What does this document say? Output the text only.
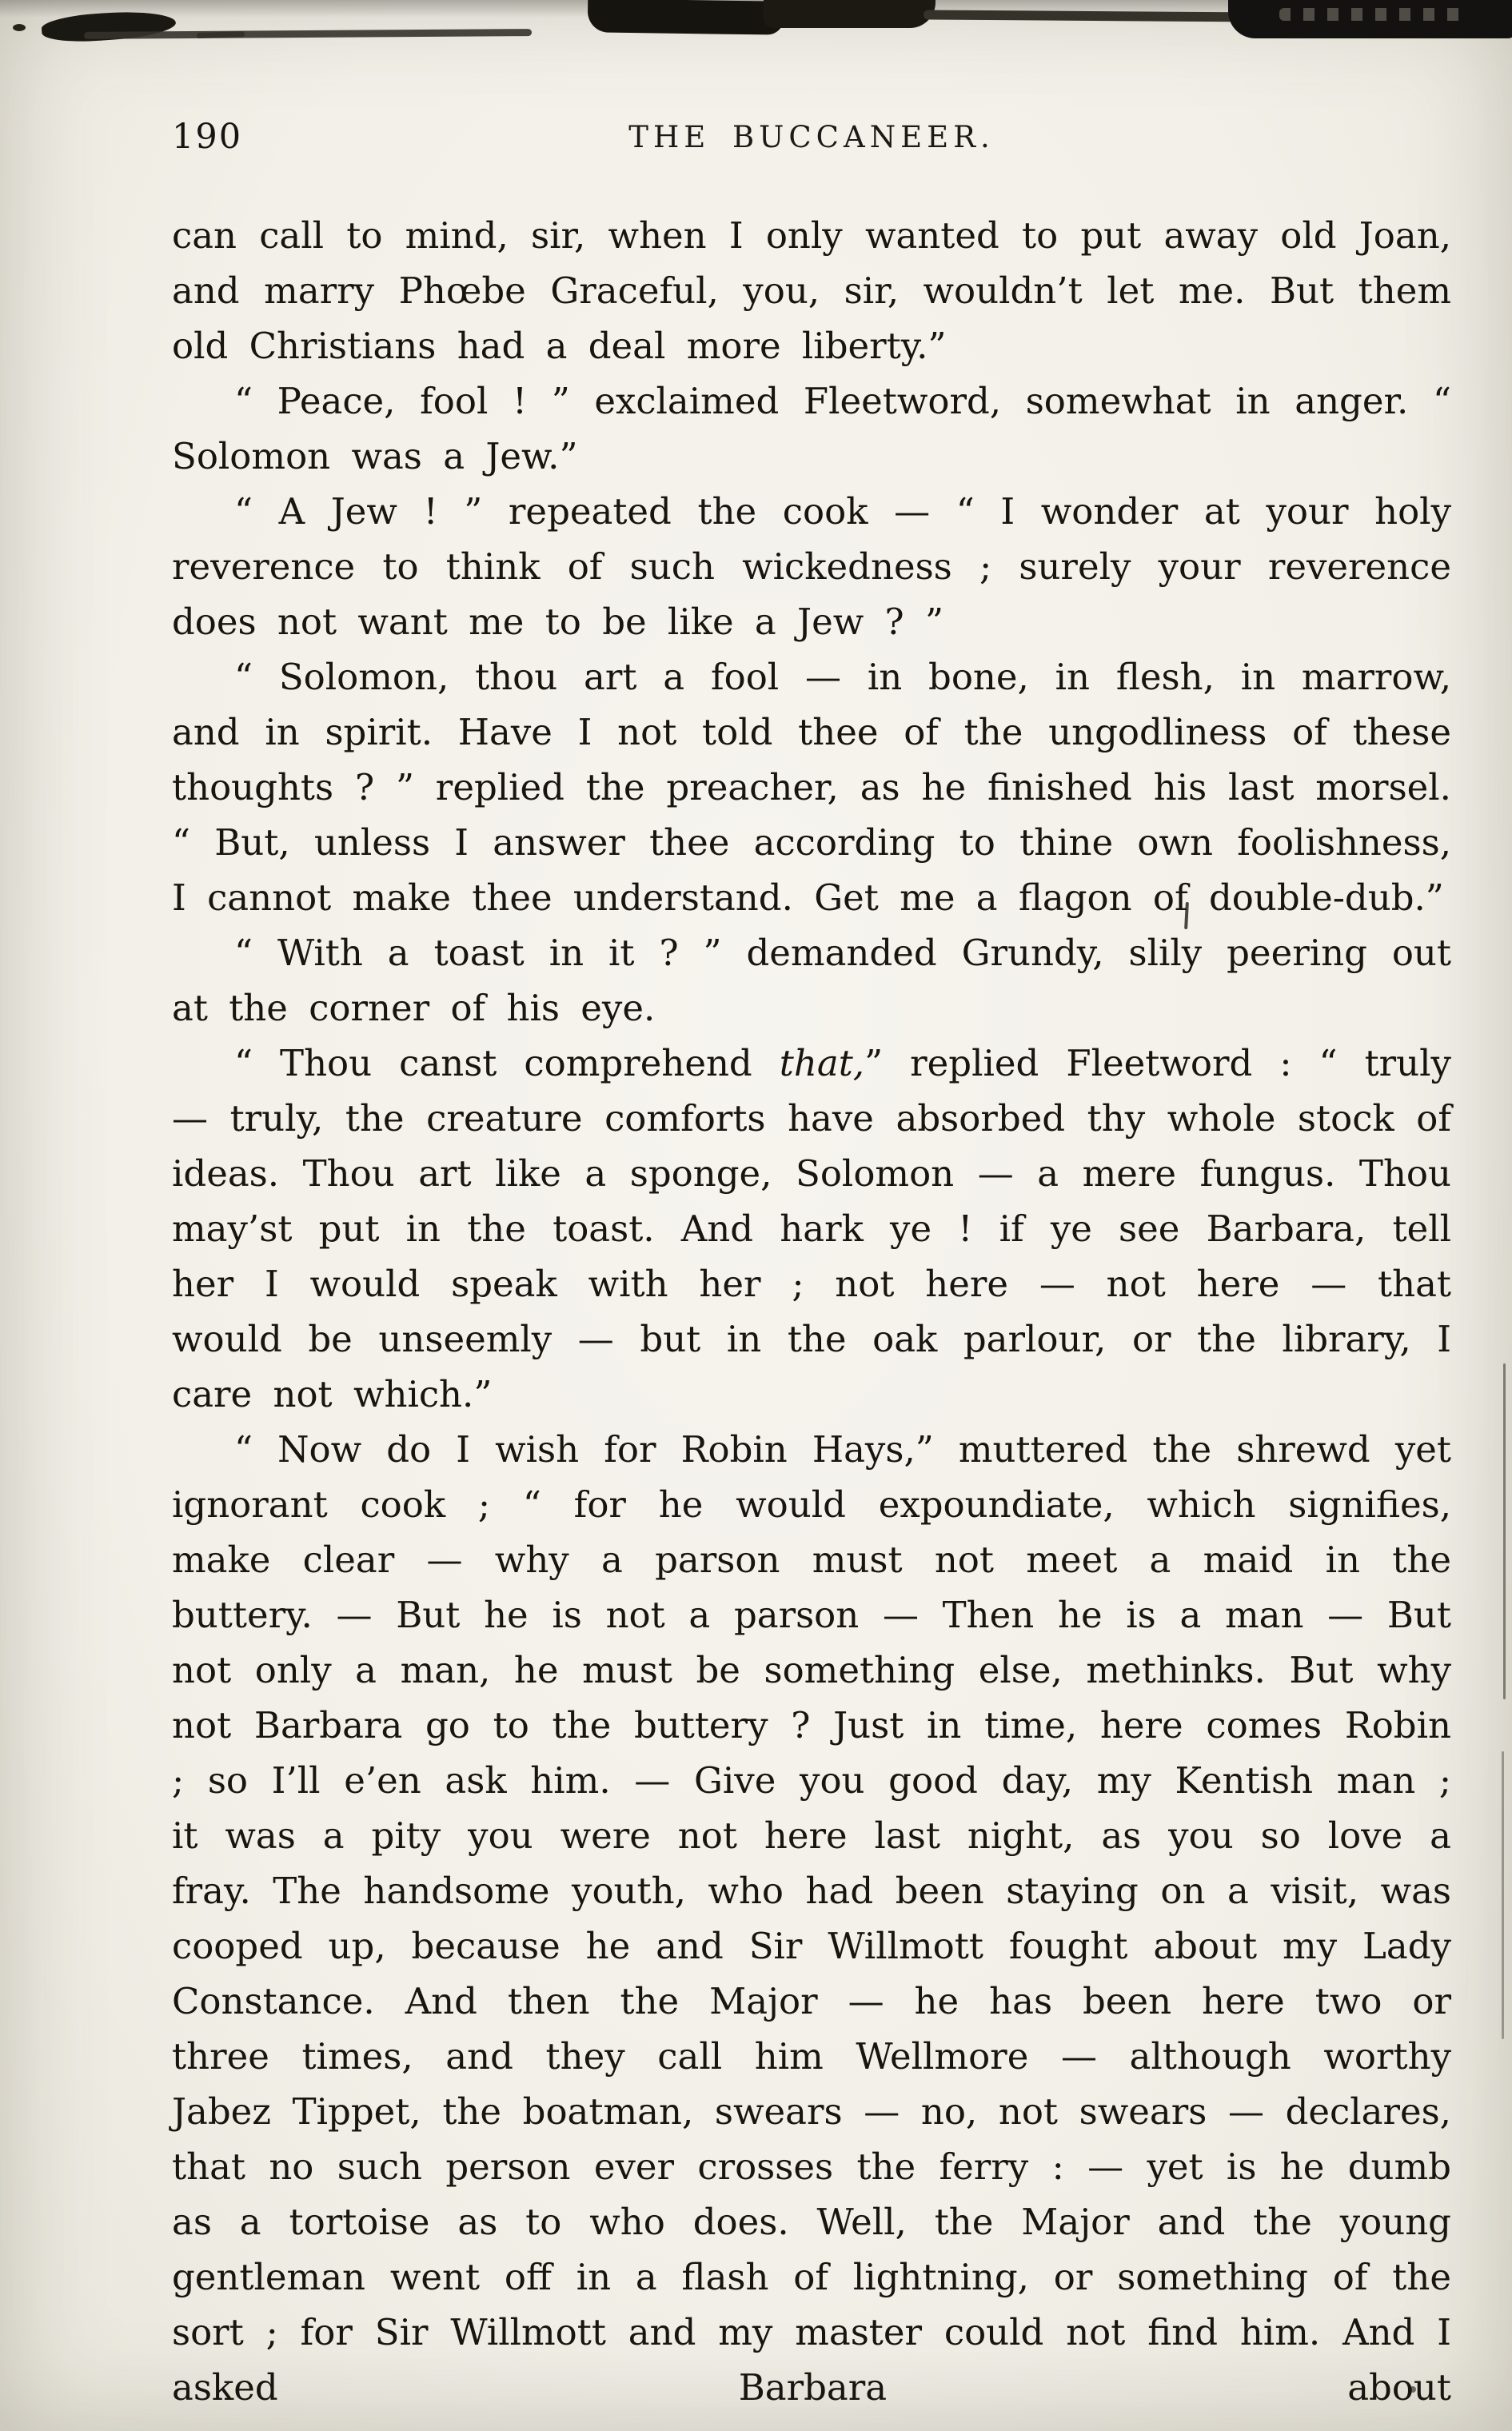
190	THE BUCCANEER.

can call to mind, sir, when I only wanted to put away old Joan, and marry Phœbe Graceful, you, sir, wouldn’t let me. But them old Christians had a deal more liberty.”

“ Peace, fool ! ” exclaimed Fleetword, somewhat in anger. “ Solomon was a Jew.”

“ A Jew ! ” repeated the cook — “ I wonder at your holy reverence to think of such wickedness ; surely your reverence does not want me to be like a Jew ? ”

“ Solomon, thou art a fool — in bone, in flesh, in marrow, and in spirit. Have I not told thee of the ungodliness of these thoughts ? ” replied the preacher, as he finished his last morsel. “ But, unless I answer thee according to thine own foolishness, I cannot make thee understand. Get me a flagon of double-dub.”

“ With a toast in it ? ” demanded Grundy, slily peering out at the corner of his eye.

“ Thou canst comprehend that,” replied Fleetword : “ truly — truly, the creature comforts have absorbed thy whole stock of ideas. Thou art like a sponge, Solomon — a mere fungus. Thou may’st put in the toast. And hark ye ! if ye see Barbara, tell her I would speak with her ; not here — not here — that would be unseemly — but in the oak parlour, or the library, I care not which.”

“ Now do I wish for Robin Hays,” muttered the shrewd yet ignorant cook ; “ for he would expoundiate, which signifies, make clear — why a parson must not meet a maid in the buttery. — But he is not a parson — Then he is a man — But not only a man, he must be something else, methinks. But why not Barbara go to the buttery ? Just in time, here comes Robin ; so I’ll e’en ask him. — Give you good day, my Kentish man ; it was a pity you were not here last night, as you so love a fray. The handsome youth, who had been staying on a visit, was cooped up, because he and Sir Willmott fought about my Lady Constance. And then the Major — he has been here two or three times, and they call him Wellmore — although worthy Jabez Tippet, the boatman, swears — no, not swears — declares, that no such person ever crosses the ferry : — yet is he dumb as a tortoise as to who does. Well, the Major and the young gentleman went off in a flash of lightning, or something of the sort ; for Sir Willmott and my master could not find him. And I asked Barbara about
